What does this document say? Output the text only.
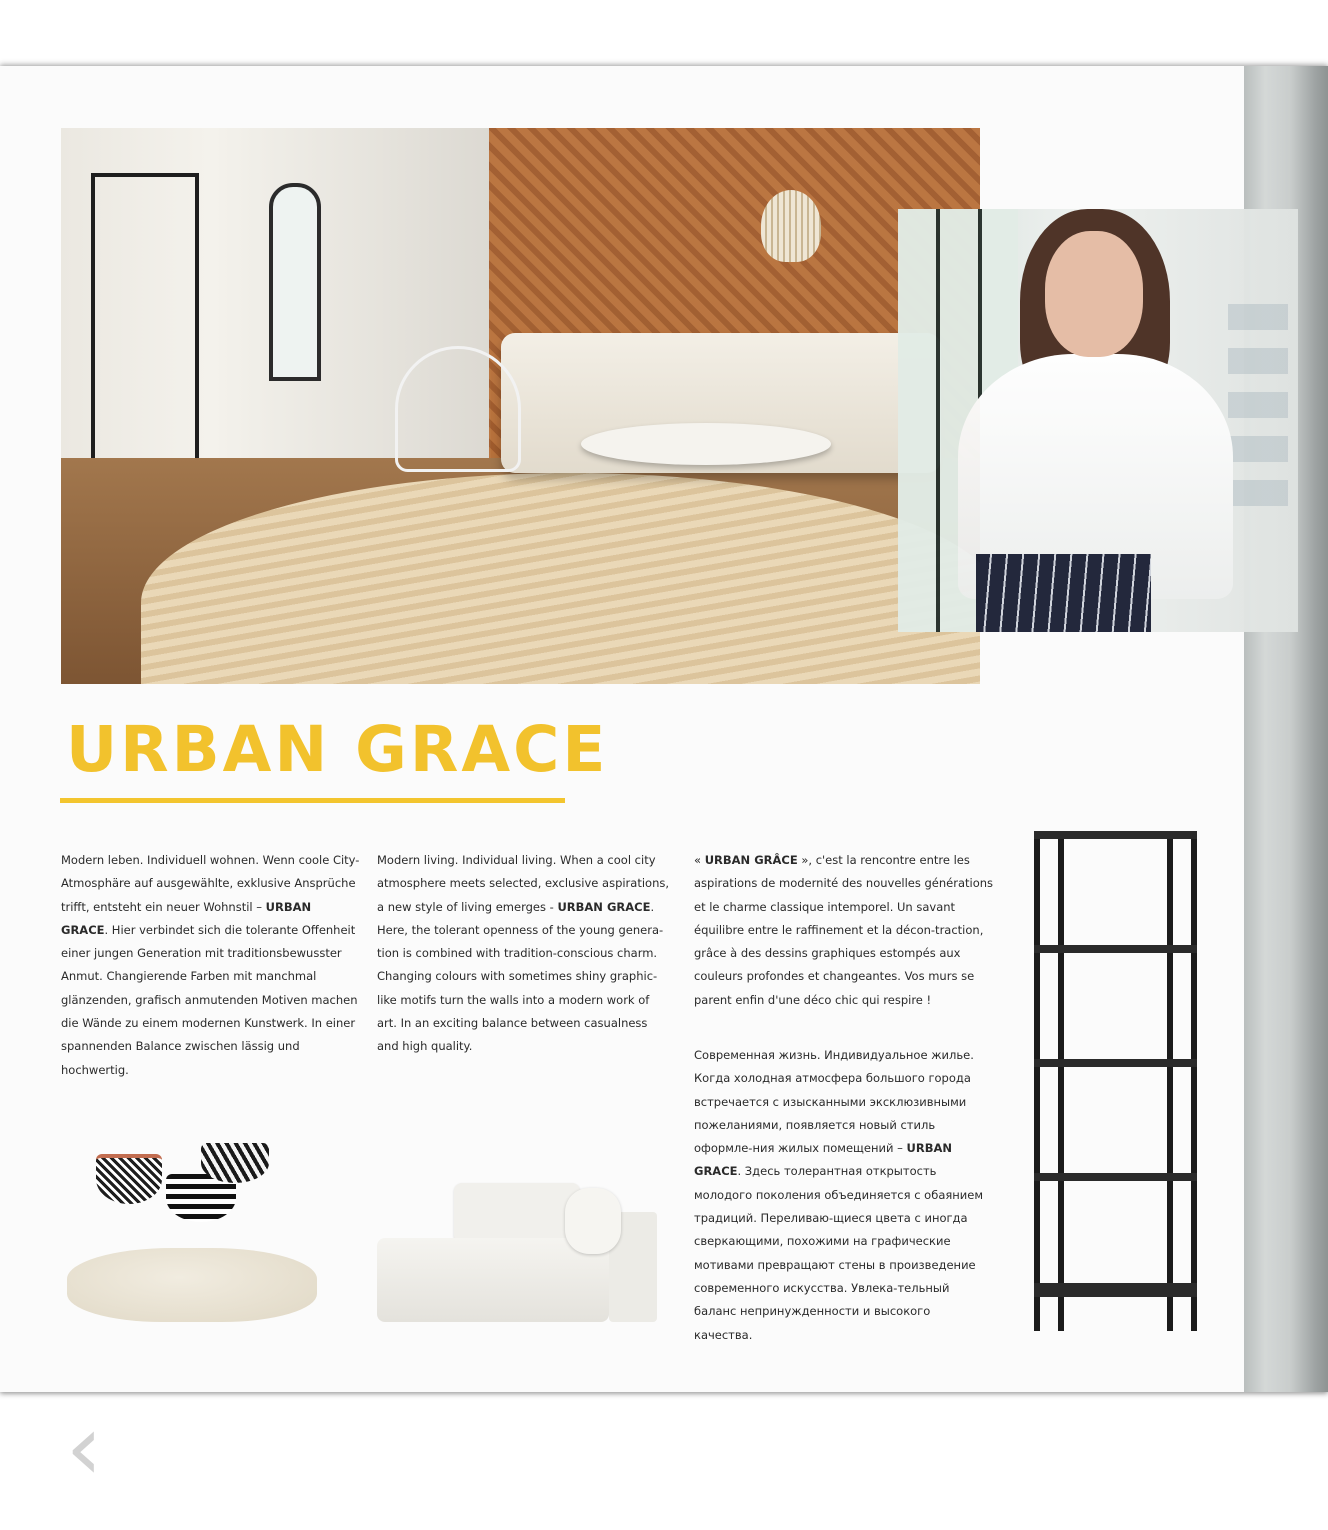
URBAN GRACE

Modern leben. Individuell wohnen. Wenn coole City-Atmosphäre auf ausgewählte, exklusive Ansprüche trifft, entsteht ein neuer Wohnstil – URBAN GRACE. Hier verbindet sich die tolerante Offenheit einer jungen Generation mit traditionsbewusster Anmut. Changierende Farben mit manchmal glänzenden, grafisch anmutenden Motiven machen die Wände zu einem modernen Kunstwerk. In einer spannenden Balance zwischen lässig und hochwertig.

Modern living. Individual living. When a cool city atmosphere meets selected, exclusive aspirations, a new style of living emerges - URBAN GRACE. Here, the tolerant openness of the young genera-tion is combined with tradition-conscious charm. Changing colours with sometimes shiny graphic-like motifs turn the walls into a modern work of art. In an exciting balance between casualness and high quality.

« URBAN GRÂCE », c'est la rencontre entre les aspirations de modernité des nouvelles générations et le charme classique intemporel. Un savant équilibre entre le raffinement et la décon-traction, grâce à des dessins graphiques estompés aux couleurs profondes et changeantes. Vos murs se parent enfin d'une déco chic qui respire !

Современная жизнь. Индивидуальное жилье. Когда холодная атмосфера большого города встречается с изысканными эксклюзивными пожеланиями, появляется новый стиль оформле-ния жилых помещений – URBAN GRACE. Здесь толерантная открытость молодого поколения объединяется с обаянием традиций. Переливаю-щиеся цвета с иногда сверкающими, похожими на графические мотивами превращают стены в произведение современного искусства. Увлека-тельный баланс непринужденности и высокого качества.

‹
